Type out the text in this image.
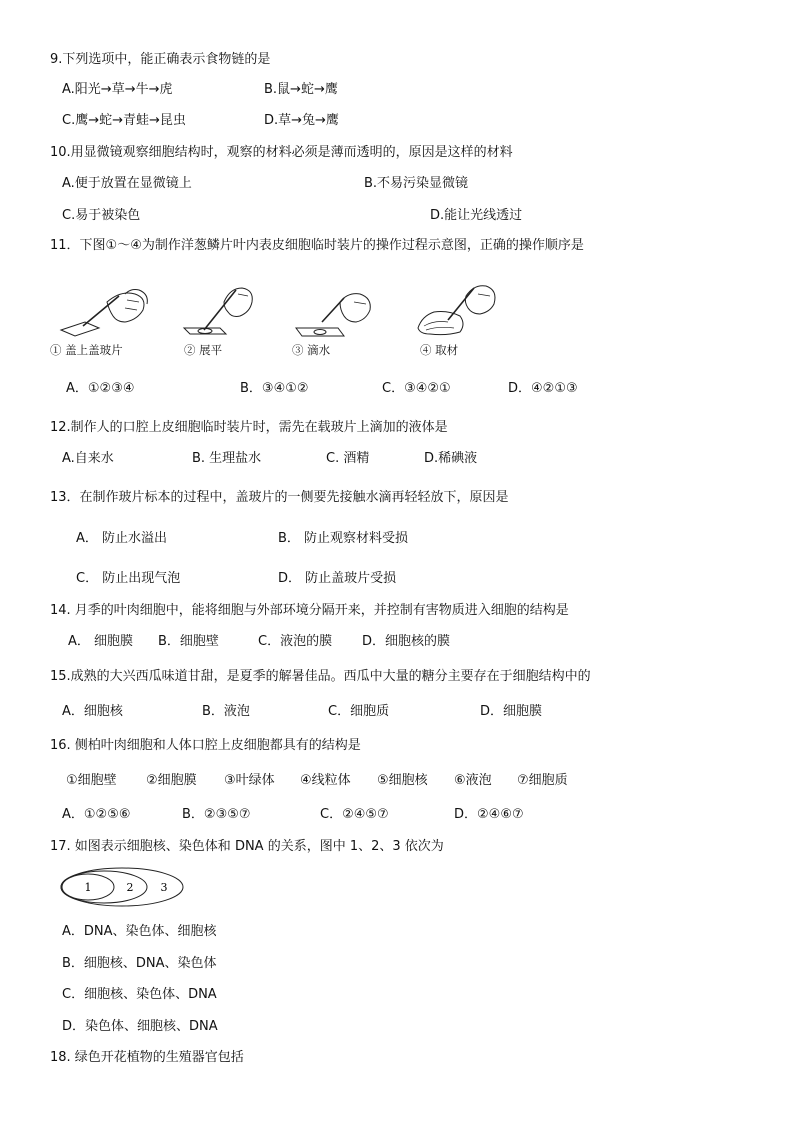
9.下列选项中，能正确表示食物链的是
A.阳光→草→牛→虎	B.鼠→蛇→鹰
C.鹰→蛇→青蛙→昆虫	D.草→兔→鹰
10.用显微镜观察细胞结构时，观察的材料必须是薄而透明的，原因是这样的材料
A.便于放置在显微镜上	B.不易污染显微镜
C.易于被染色	D.能让光线透过
11．下图①～④为制作洋葱鳞片叶内表皮细胞临时装片的操作过程示意图，正确的操作顺序是
① 盖上盖玻片	② 展平	③ 滴水	④ 取材
A．①②③④	B．③④①②	C．③④②①	D．④②①③
12.制作人的口腔上皮细胞临时装片时，需先在载玻片上滴加的液体是
A.自来水	B. 生理盐水	C. 酒精	D.稀碘液
13．在制作玻片标本的过程中，盖玻片的一侧要先接触水滴再轻轻放下，原因是
A． 防止水溢出	B． 防止观察材料受损
C． 防止出现气泡	D． 防止盖玻片受损
14. 月季的叶肉细胞中，能将细胞与外部环境分隔开来，并控制有害物质进入细胞的结构是
A． 细胞膜 B．细胞壁	C．液泡的膜 D．细胞核的膜
15.成熟的大兴西瓜味道甘甜，是夏季的解暑佳品。西瓜中大量的糖分主要存在于细胞结构中的
A．细胞核	B．液泡	C．细胞质	D．细胞膜
16. 侧柏叶肉细胞和人体口腔上皮细胞都具有的结构是
①细胞壁 ②细胞膜 ③叶绿体 ④线粒体 ⑤细胞核 ⑥液泡 ⑦细胞质
A．①②⑤⑥	B．②③⑤⑦	C．②④⑤⑦	D．②④⑥⑦
17. 如图表示细胞核、染色体和 DNA 的关系，图中 1、2、3 依次为
1	2 3
A．DNA、染色体、细胞核
B．细胞核、DNA、染色体
C．细胞核、染色体、DNA
D．染色体、细胞核、DNA
18. 绿色开花植物的生殖器官包括
